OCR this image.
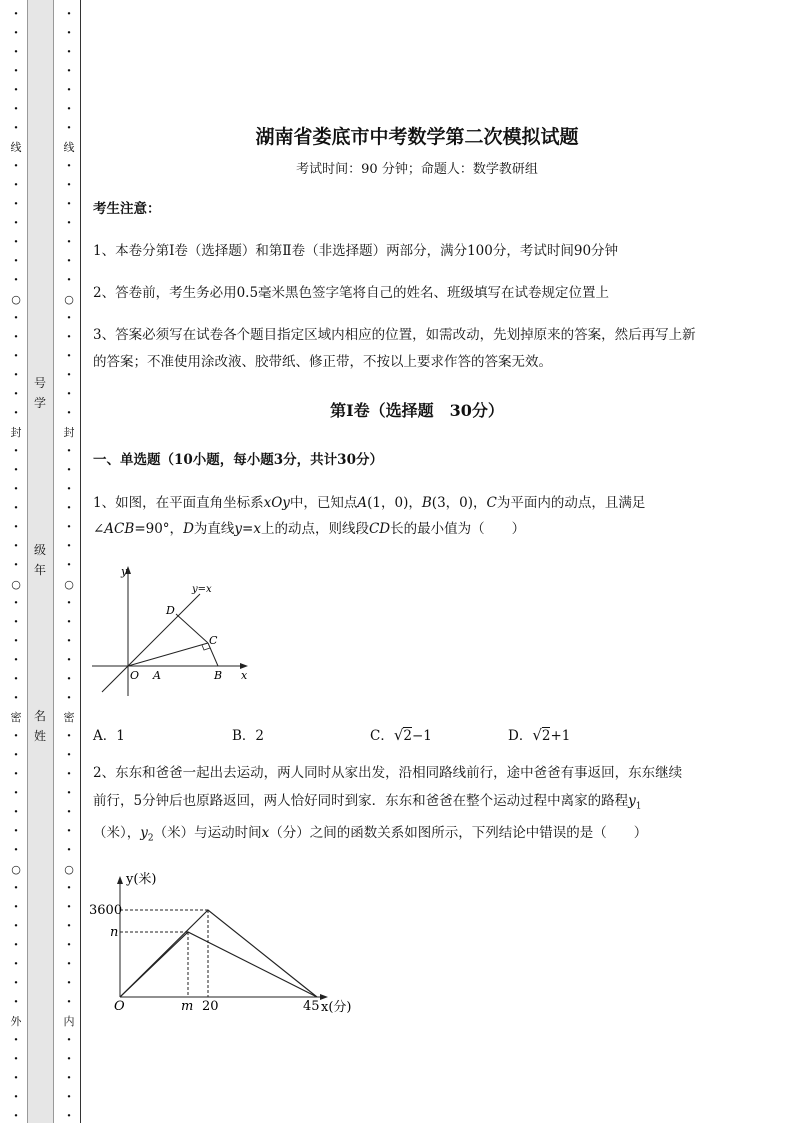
·
·
·
·
·
·
·
线
·
·
·
·
·
·
·
○
·
·
·
·
·
·
封
·
·
·
·
·
·
·
○
·
·
·
·
·
·
密
·
·
·
·
·
·
·
○
·
·
·
·
·
·
·
外
·
·
·
·
·
·
·
·
·
·
·
·
线
·
·
·
·
·
·
·
○
·
·
·
·
·
·
封
·
·
·
·
·
·
·
○
·
·
·
·
·
·
密
·
·
·
·
·
·
·
○
·
·
·
·
·
·
·
内
·
·
·
·
·
号
学
级
年
名
姓
湖南省娄底市中考数学第二次模拟试题
考试时间：90 分钟；命题人：数学教研组
考生注意：
1、本卷分第Ⅰ卷（选择题）和第Ⅱ卷（非选择题）两部分，满分100分，考试时间90分钟
2、答卷前，考生务必用0.5毫米黑色签字笔将自己的姓名、班级填写在试卷规定位置上
3、答案必须写在试卷各个题目指定区域内相应的位置，如需改动，先划掉原来的答案，然后再写上新
的答案；不准使用涂改液、胶带纸、修正带，不按以上要求作答的答案无效。
第Ⅰ卷（选择题　30分）
一、单选题（10小题，每小题3分，共计30分）
1、如图，在平面直角坐标系xOy中，已知点A(1，0)，B(3，0)，C为平面内的动点，且满足
∠ACB=90°，D为直线y=x上的动点，则线段CD长的最小值为（　　）
y
x
y=x
O A	B
C
D
A．1	B．2	C．√2−1	D．√2+1
2、东东和爸爸一起出去运动，两人同时从家出发，沿相同路线前行，途中爸爸有事返回，东东继续
前行，5分钟后也原路返回，两人恰好同时到家．东东和爸爸在整个运动过程中离家的路程$y_1$
（米），$y_2$（米）与运动时间x（分）之间的函数关系如图所示，下列结论中错误的是（　　）
y(米)
3600
n
O	m 20	45 x(分)
